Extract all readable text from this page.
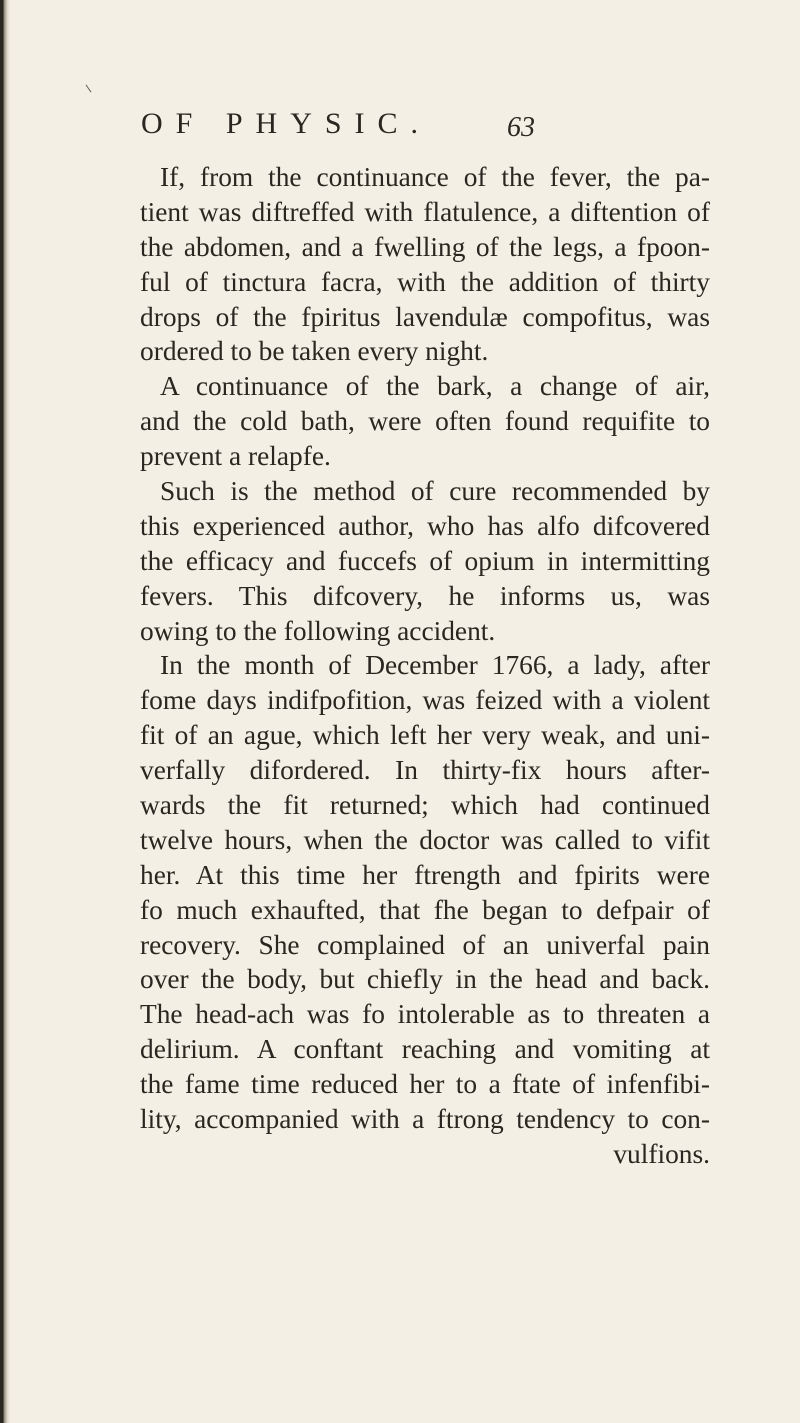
OF PHYSIC.	63
If, from the continuance of the fever, the pa-
tient was diftreffed with flatulence, a diftention of
the abdomen, and a fwelling of the legs, a fpoon-
ful of tinctura facra, with the addition of thirty
drops of the fpiritus lavendulæ compofitus, was
ordered to be taken every night.
A continuance of the bark, a change of air,
and the cold bath, were often found requifite to
prevent a relapfe.
Such is the method of cure recommended by
this experienced author, who has alfo difcovered
the efficacy and fuccefs of opium in intermitting
fevers. This difcovery, he informs us, was
owing to the following accident.
In the month of December 1766, a lady, after
fome days indifpofition, was feized with a violent
fit of an ague, which left her very weak, and uni-
verfally difordered. In thirty-fix hours after-
wards the fit returned; which had continued
twelve hours, when the doctor was called to vifit
her. At this time her ftrength and fpirits were
fo much exhaufted, that fhe began to defpair of
recovery. She complained of an univerfal pain
over the body, but chiefly in the head and back.
The head-ach was fo intolerable as to threaten a
delirium. A conftant reaching and vomiting at
the fame time reduced her to a ftate of infenfibi-
lity, accompanied with a ftrong tendency to con-
vulfions.
